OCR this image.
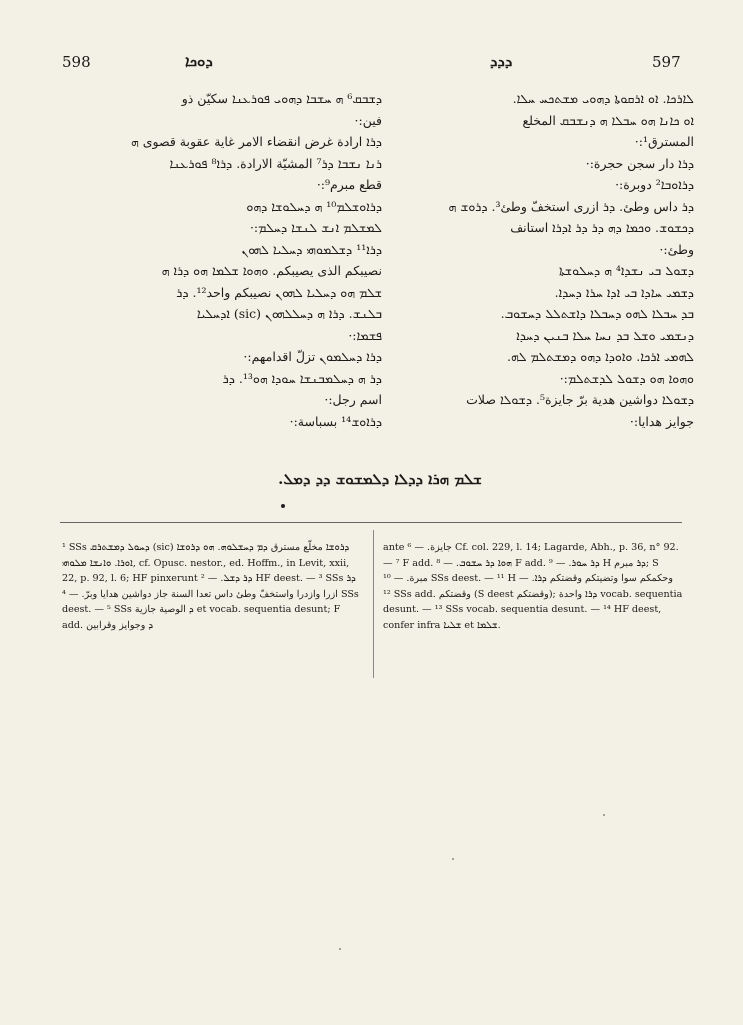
598	ܕܘܟܐ	ܕܕܕ	597

ܕܫܒܩ⁶ ܗ ܚܫܒܐ ܕܗܘܝ ܦܘܪܥܢܐ سكيّن ذو

فين:·

ܕܪܐ ارادة غرض انقضاء الامر غاية عقوبة قصوى ܗ

ܪܢܐ ܢܫܒܐ ܕܪ⁷ المشيّة الارادة. ܕܪܐ⁸ ܦܘܪܥܢܐ

قطع مبرم⁹:·

ܕܪܐܘܫܠܡ¹⁰ ܗ ܕܚܠܘܫܐ ܕܗܘ

ܠܡܫܠܡ ܐܢܫ ܠܢܫܐ ܕܚܠܡ:·

ܕܪܐ¹¹ ܕܫܠܡܘܗܝ ܕܚܠܝܐ ܠܗܘܢ

نصيبكم الذى يصيبكم. ܘܗܘܐ ܫܠܡܐ ܗܘ ܕܪܐ ܗ

ܫܠܡ ܗܘ ܕܚܠܝܐ ܠܗܘܢ نصيبكم واحد¹². ܕܪ

ܒܠܢܫ. ܕܪܐ ܗ ܕܚܠܠܗܘܢ (sic) ܐܕܚܠܝܐ

ܦܫܡܐ:·

ܕܪܐ ܕܚܠܡܘܢ تزلّ اقدامهم:·

ܕܪ ܗ ܕܚܠܡܒܢܫܐ ܚܘܕܐ ܗܘ¹³. ܕܪ

اسم رجل:·

ܕܪܐܘܫ¹⁴ بسباسة:·

ܠܐܪܟܐ. ܐܘ ܐܪܩܘܬܐ ܕܗܘܝ ܡܫܬܟܚ ܚܠܐ.

ܐܘ ܟܐܢܐ ܗܘ ܚܒܠܐ ܗ ܕܢܫܒܩ المخلع

المسترق¹:·

ܕܪܐ دار سجن حجرة:·

ܕܪܐܘܒܐ² دوبرة:·

ܕܪ داس وطئ. ܕܪ ازرى استخفّ وطئ³. ܕܪܘܫ ܗ

ܕܟܫܘܫ. ܘܟܡܐ ܕܗ ܕܪ ܕܪ ܐܕܪܐ استانف

وطئ:·

ܕܫܘܠ ܒܝ ܢܫܕܐ⁴ ܗ ܕܚܠܘܫܬܐ

ܕܫܡܝ ܚܐܕܐ ܒܝ ܐܕܐ ܚܪܐ ܕܚܕܐ.

ܒܕ ܚܒܠܐ ܠܗܘ ܕܚܒܠܐ ܕܐܫܬܠܠ ܕܚܫܘܒ.

ܕܢܫܡܝ ܘܫܠ ܒܕ ܢܚܐ ܚܠܐ ܒܢܝܢ ܕܚܕܐ

ܠܗܡܝ ܐܪܟܐ. ܘܐܘܕܐ ܕܗܘ ܕܡܫܬܠܡ ܠܗ.

ܘܗܘܐ ܗܘ ܕܫܘܠ ܠܕܫܬܠܡ:·

ܕܫܘܠܐ دواشين هدية برّ جايزة⁵. ܕܫܘܠܐ صلات

جوايز هدايا:·

ܫܠܡ ܗܪܐ ܕܕܠܐ ܕܠܡܫܘܫ ܕܕ ܕܡܠ.

¹ SSs ܕܚܘܠ ܕܡܫܬܪܩ (sic) ܕܪܘܫܐ مخلّع مسترق ܕܡ ܕܚܫܠܘܗ. ܗܘ ܕܪܘܫܐ ܐܘܪܐ. ܘܐܢܫܐ ܡܠܘܗܝ, cf. Opusc. nestor., ed. Hoffm., in Levit, xxii, 22, p. 92, l. 6; HF pinxerunt ܕܪ ܕܫܠ. — ² HF deest. — ³ SSs ܕܪ ازرا وازدرا واستخفّ وطئ داس تعدا السنة جاز دواشين هدايا وبرّ. — ⁴ SSs deest. — ⁵ SSs ܕ الوصية جازية et vocab. sequentia desunt; F add. ܕ وجوايز وقرابين

ante جايزة. — ⁶ Cf. col. 229, l. 14; Lagarde, Abh., p. 36, n° 92. — ⁷ F add. ܗܘܐ ܕܪ ܚܫܘܒ. — ⁸ F add. ܕܪ ܚܘܪ. — ⁹ H ܕܪ مبرم; S مبرة. — ¹⁰ SSs deest. — ¹¹ H وحكمكم سوا وتضيتكم وقضتكم ܕܪܐ. — ¹² SSs add. وقضتكم (S deest وقضتكم); ܕܪܐ واحدة vocab. sequentia desunt. — ¹³ SSs vocab. sequentia desunt. — ¹⁴ HF deest, confer infra ܫܠܝܐ et ܫܠܡܐ.
